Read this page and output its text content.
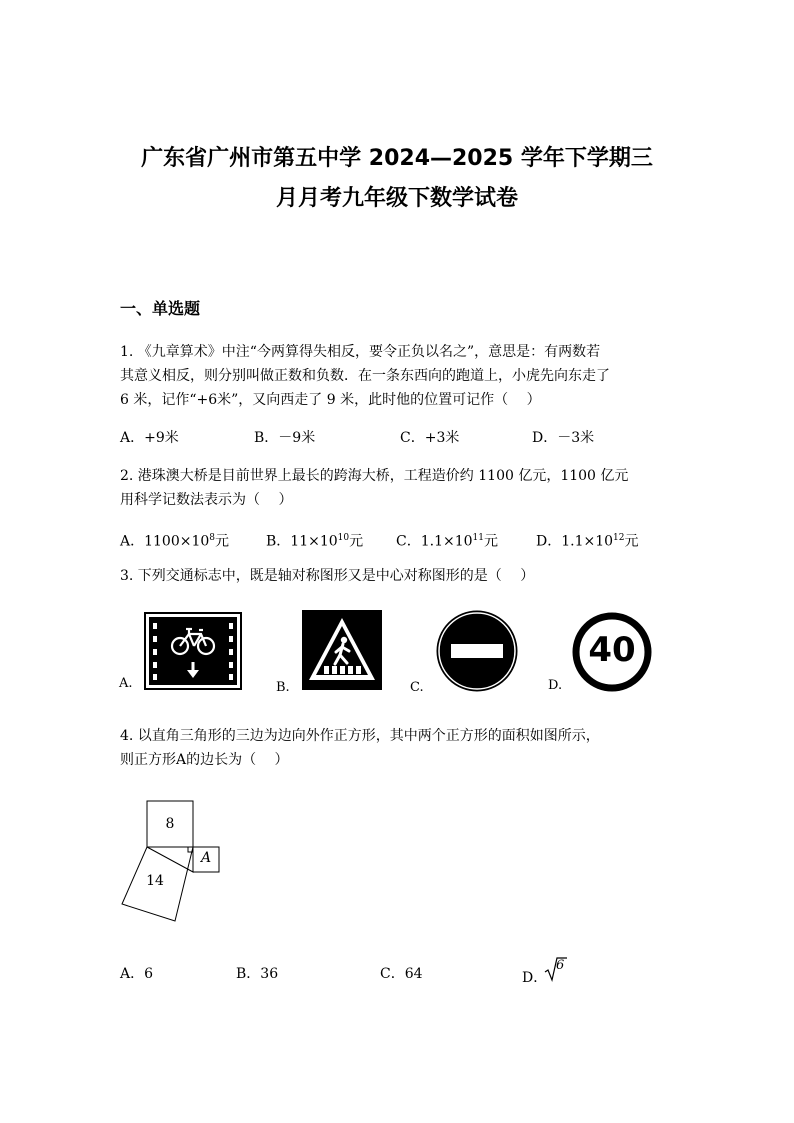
广东省广州市第五中学 2024—2025 学年下学期三
月月考九年级下数学试卷
一、单选题
1. 《九章算术》中注“今两算得失相反，要令正负以名之”，意思是：有两数若
其意义相反，则分别叫做正数和负数．在一条东西向的跑道上，小虎先向东走了
6 米，记作“+6米”，又向西走了 9 米，此时他的位置可记作（　 ）
A．+9米	B．－9米	C．+3米	D．－3米
2. 港珠澳大桥是目前世界上最长的跨海大桥，工程造价约 1100 亿元，1100 亿元
用科学记数法表示为（　 ）
A．$1100\times 10^8$元	B．$11\times 10^{10}$元 C．$1.1\times 10^{11}$元	D．$1.1\times 10^{12}$元
3. 下列交通标志中，既是轴对称图形又是中心对称图形的是（　 ）
A.	B.	C.	D.
40
4. 以直角三角形的三边为边向外作正方形，其中两个正方形的面积如图所示，
则正方形A的边长为（　 ）
8
14
A
A．6	B．36	C．64	D．
6
